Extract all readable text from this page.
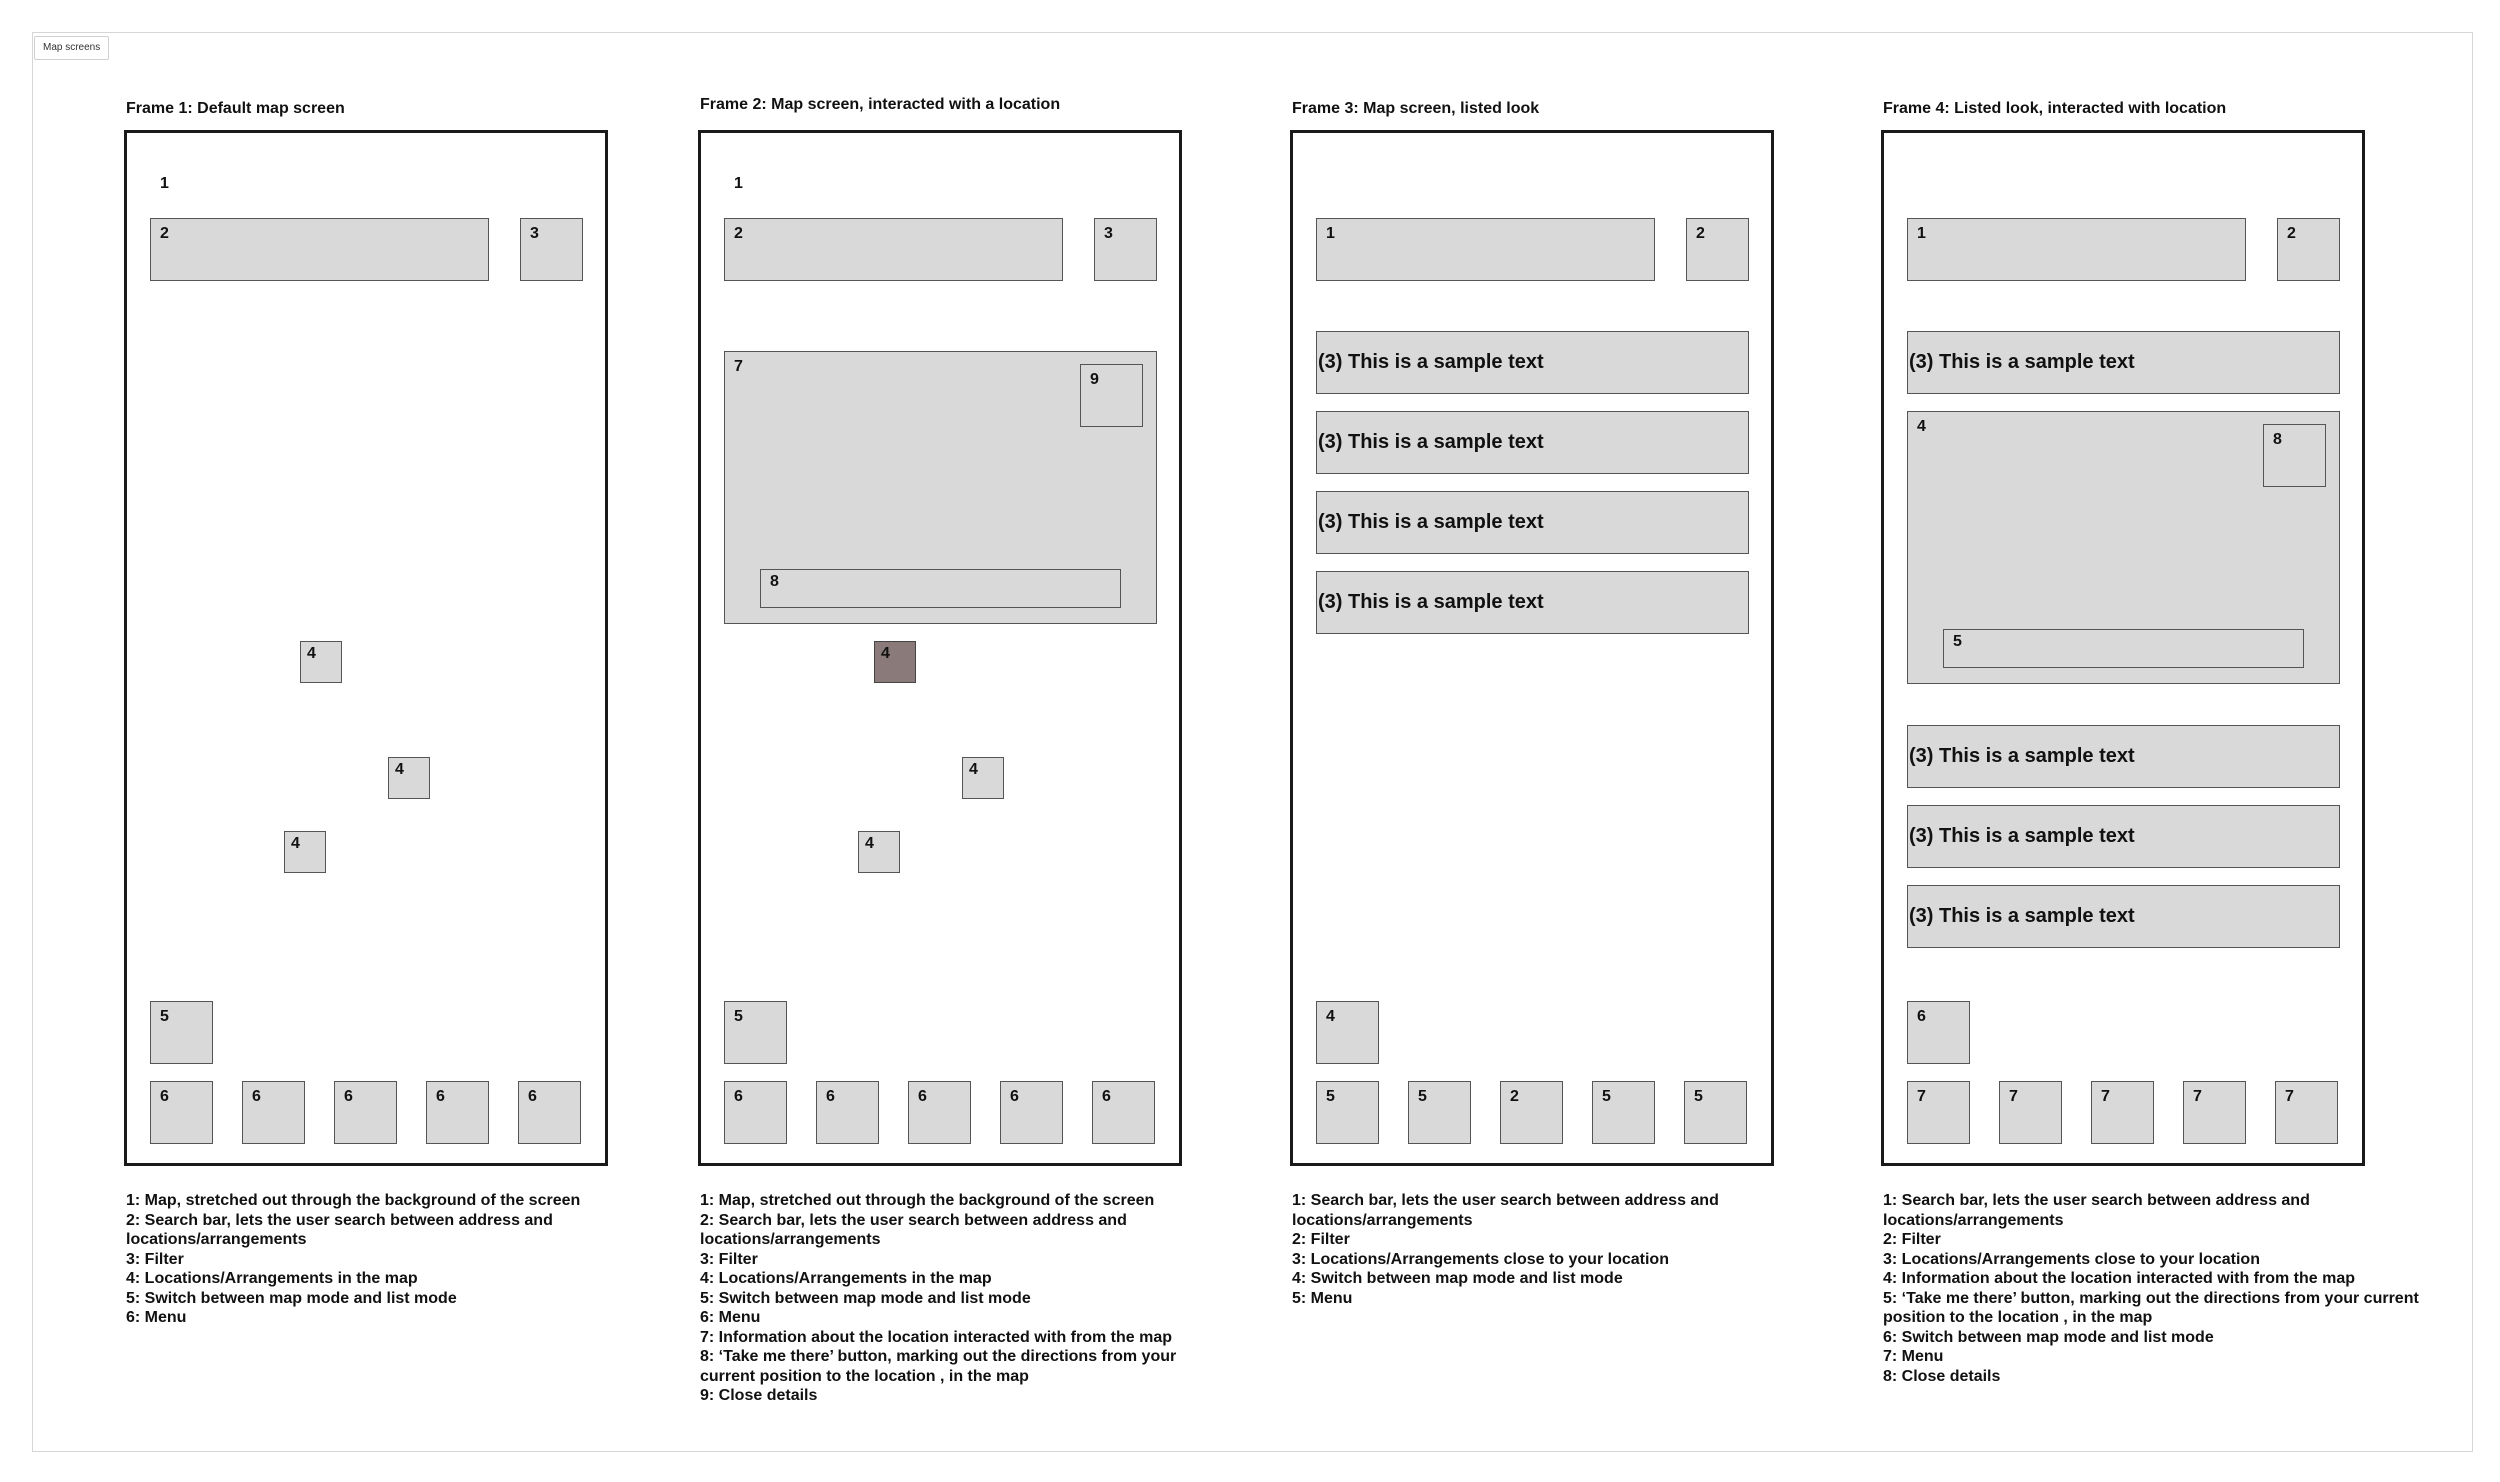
Map screens
Frame 1: Default map screen
1
2	3
4
4
4
5
6	6	6	6	6
1: Map, stretched out through the background of the screen
2: Search bar, lets the user search between address and locations/arrangements
3: Filter
4: Locations/Arrangements in the map
5: Switch between map mode and list mode
6: Menu
Frame 2: Map screen, interacted with a location
1
2	3
7
9
8
4
4
4
5
6	6	6	6	6
1: Map, stretched out through the background of the screen
2: Search bar, lets the user search between address and locations/arrangements
3: Filter
4: Locations/Arrangements in the map
5: Switch between map mode and list mode
6: Menu
7: Information about the location interacted with from the map
8: ‘Take me there’ button, marking out the directions from your current position to the location , in the map
9: Close details
Frame 3: Map screen, listed look
1	2
(3) This is a sample text
(3) This is a sample text
(3) This is a sample text
(3) This is a sample text
4
5	5	2	5	5
1: Search bar, lets the user search between address and locations/arrangements
2: Filter
3: Locations/Arrangements close to your location
4: Switch between map mode and list mode
5: Menu
Frame 4: Listed look, interacted with location
1	2
(3) This is a sample text
4
8
5
(3) This is a sample text
(3) This is a sample text
(3) This is a sample text
6
7	7	7	7	7
1: Search bar, lets the user search between address and locations/arrangements
2: Filter
3: Locations/Arrangements close to your location
4: Information about the location interacted with from the map
5: ‘Take me there’ button, marking out the directions from your current position to the location , in the map
6: Switch between map mode and list mode
7: Menu
8: Close details
